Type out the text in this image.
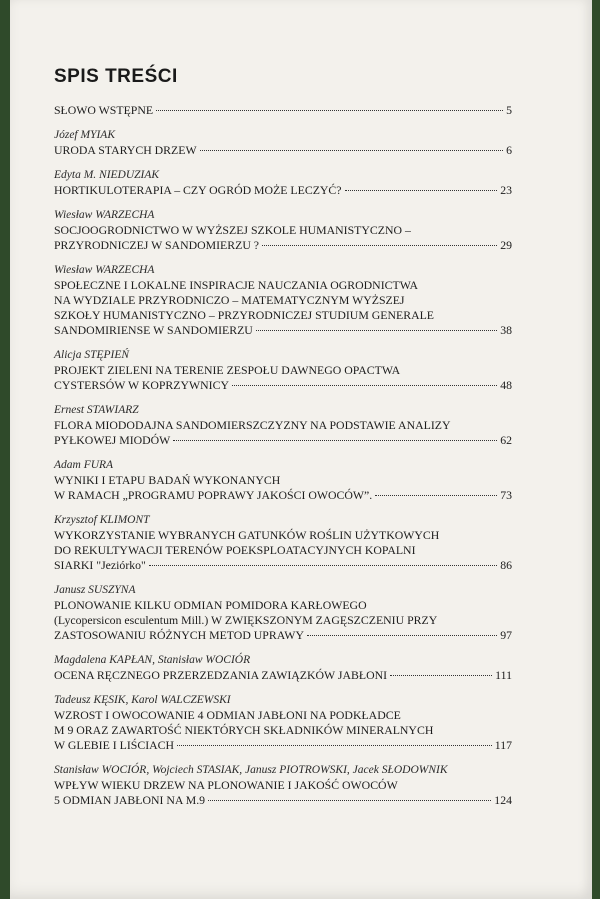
SPIS TREŚCI
SŁOWO WSTĘPNE	5
Józef MYIAK
URODA STARYCH DRZEW	6
Edyta M. NIEDUZIAK
HORTIKULOTERAPIA – CZY OGRÓD MOŻE LECZYĆ?	23
Wiesław WARZECHA
SOCJOOGRODNICTWO W WYŻSZEJ SZKOLE HUMANISTYCZNO –
PRZYRODNICZEJ W SANDOMIERZU ?	29
Wiesław WARZECHA
SPOŁECZNE I LOKALNE INSPIRACJE NAUCZANIA OGRODNICTWA
NA WYDZIALE PRZYRODNICZO – MATEMATYCZNYM WYŻSZEJ
SZKOŁY HUMANISTYCZNO – PRZYRODNICZEJ STUDIUM GENERALE
SANDOMIRIENSE W SANDOMIERZU	38
Alicja STĘPIEŃ
PROJEKT ZIELENI NA TERENIE ZESPOŁU DAWNEGO OPACTWA
CYSTERSÓW W KOPRZYWNICY	48
Ernest STAWIARZ
FLORA MIODODAJNA SANDOMIERSZCZYZNY NA PODSTAWIE ANALIZY
PYŁKOWEJ MIODÓW	62
Adam FURA
WYNIKI I ETAPU BADAŃ WYKONANYCH
W RAMACH „PROGRAMU POPRAWY JAKOŚCI OWOCÓW”.	73
Krzysztof KLIMONT
WYKORZYSTANIE WYBRANYCH GATUNKÓW ROŚLIN UŻYTKOWYCH
DO REKULTYWACJI TERENÓW POEKSPLOATACYJNYCH KOPALNI
SIARKI "Jeziórko"	86
Janusz SUSZYNA
PLONOWANIE KILKU ODMIAN POMIDORA KARŁOWEGO
(Lycopersicon esculentum Mill.) W ZWIĘKSZONYM ZAGĘSZCZENIU PRZY
ZASTOSOWANIU RÓŻNYCH METOD UPRAWY	97
Magdalena KAPŁAN, Stanisław WOCIÓR
OCENA RĘCZNEGO PRZERZEDZANIA ZAWIĄZKÓW JABŁONI	111
Tadeusz KĘSIK, Karol WALCZEWSKI
WZROST I OWOCOWANIE 4 ODMIAN JABŁONI NA PODKŁADCE
M 9 ORAZ ZAWARTOŚĆ NIEKTÓRYCH SKŁADNIKÓW MINERALNYCH
W GLEBIE I LIŚCIACH	117
Stanisław WOCIÓR, Wojciech STASIAK, Janusz PIOTROWSKI, Jacek SŁODOWNIK
WPŁYW WIEKU DRZEW NA PLONOWANIE I JAKOŚĆ OWOCÓW
5 ODMIAN JABŁONI NA M.9	124
